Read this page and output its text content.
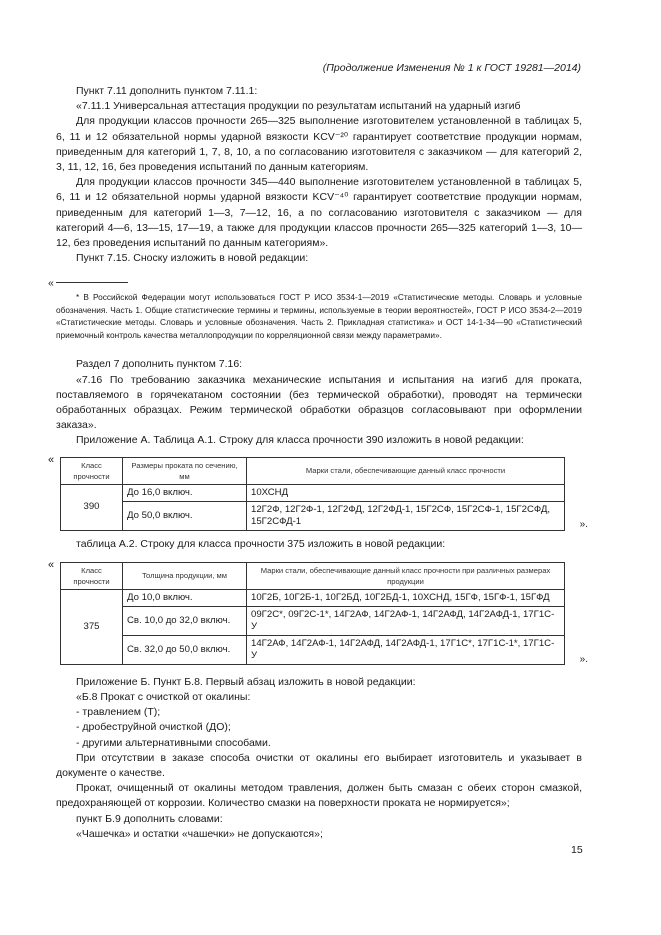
(Продолжение Изменения № 1 к ГОСТ 19281—2014)

Пункт 7.11 дополнить пунктом 7.11.1:

«7.11.1 Универсальная аттестация продукции по результатам испытаний на ударный изгиб

Для продукции классов прочности 265—325 выполнение изготовителем установленной в таблицах 5, 6, 11 и 12 обязательной нормы ударной вязкости KCV⁻²⁰ гарантирует соответствие продукции нормам, приведенным для категорий 1, 7, 8, 10, а по согласованию изготовителя с заказчиком — для категорий 2, 3, 11, 12, 16, без проведения испытаний по данным категориям.

Для продукции классов прочности 345—440 выполнение изготовителем установленной в таблицах 5, 6, 11 и 12 обязательной нормы ударной вязкости KCV⁻⁴⁰ гарантирует соответствие продукции нормам, приведенным для категорий 1—3, 7—12, 16, а по согласованию изготовителя с заказчиком — для категорий 4—6, 13—15, 17—19, а также для продукции классов прочности 265—325 категорий 1—3, 10—12, без проведения испытаний по данным категориям».

Пункт 7.15. Сноску изложить в новой редакции:

«

* В Российской Федерации могут использоваться ГОСТ Р ИСО 3534-1—2019 «Статистические методы. Словарь и условные обозначения. Часть 1. Общие статистические термины и термины, используемые в теории вероятностей», ГОСТ Р ИСО 3534-2—2019 «Статистические методы. Словарь и условные обозначения. Часть 2. Прикладная статистика» и ОСТ 14-1-34—90 «Статистический приемочный контроль качества металлопродукции по корреляционной связи между параметрами».

Раздел 7 дополнить пунктом 7.16:

«7.16 По требованию заказчика механические испытания и испытания на изгиб для проката, поставляемого в горячекатаном состоянии (без термической обработки), проводят на термически обработанных образцах. Режим термической обработки образцов согласовывают при оформлении заказа».

Приложение А. Таблица А.1. Строку для класса прочности 390 изложить в новой редакции:

«	Класс прочности	Размеры проката по сечению, мм	Марки стали, обеспечивающие данный класс прочности
390	До 16,0 включ.	10ХСНД
	До 50,0 включ.	12Г2Ф, 12Г2Ф-1, 12Г2ФД, 12Г2ФД-1, 15Г2СФ, 15Г2СФ-1, 15Г2СФД, 15Г2СФД-1	».

таблица А.2. Строку для класса прочности 375 изложить в новой редакции:

«	Класс прочности	Толщина продукции, мм	Марки стали, обеспечивающие данный класс прочности при различных размерах продукции
375	До 10,0 включ.	10Г2Б, 10Г2Б-1, 10Г2БД, 10Г2БД-1, 10ХСНД, 15ГФ, 15ГФ-1, 15ГФД
	Св. 10,0 до 32,0 включ.	09Г2С*, 09Г2С-1*, 14Г2АФ, 14Г2АФ-1, 14Г2АФД, 14Г2АФД-1, 17Г1С-У
	Св. 32,0 до 50,0 включ.	14Г2АФ, 14Г2АФ-1, 14Г2АФД, 14Г2АФД-1, 17Г1С*, 17Г1С-1*, 17Г1С-У	».

Приложение Б. Пункт Б.8. Первый абзац изложить в новой редакции:

«Б.8 Прокат с очисткой от окалины:

- травлением (Т);

- дробеструйной очисткой (ДО);

- другими альтернативными способами.

При отсутствии в заказе способа очистки от окалины его выбирает изготовитель и указывает в документе о качестве.

Прокат, очищенный от окалины методом травления, должен быть смазан с обеих сторон смазкой, предохраняющей от коррозии. Количество смазки на поверхности проката не нормируется»;

пункт Б.9 дополнить словами:

«Чашечка» и остатки «чашечки» не допускаются»;

15
